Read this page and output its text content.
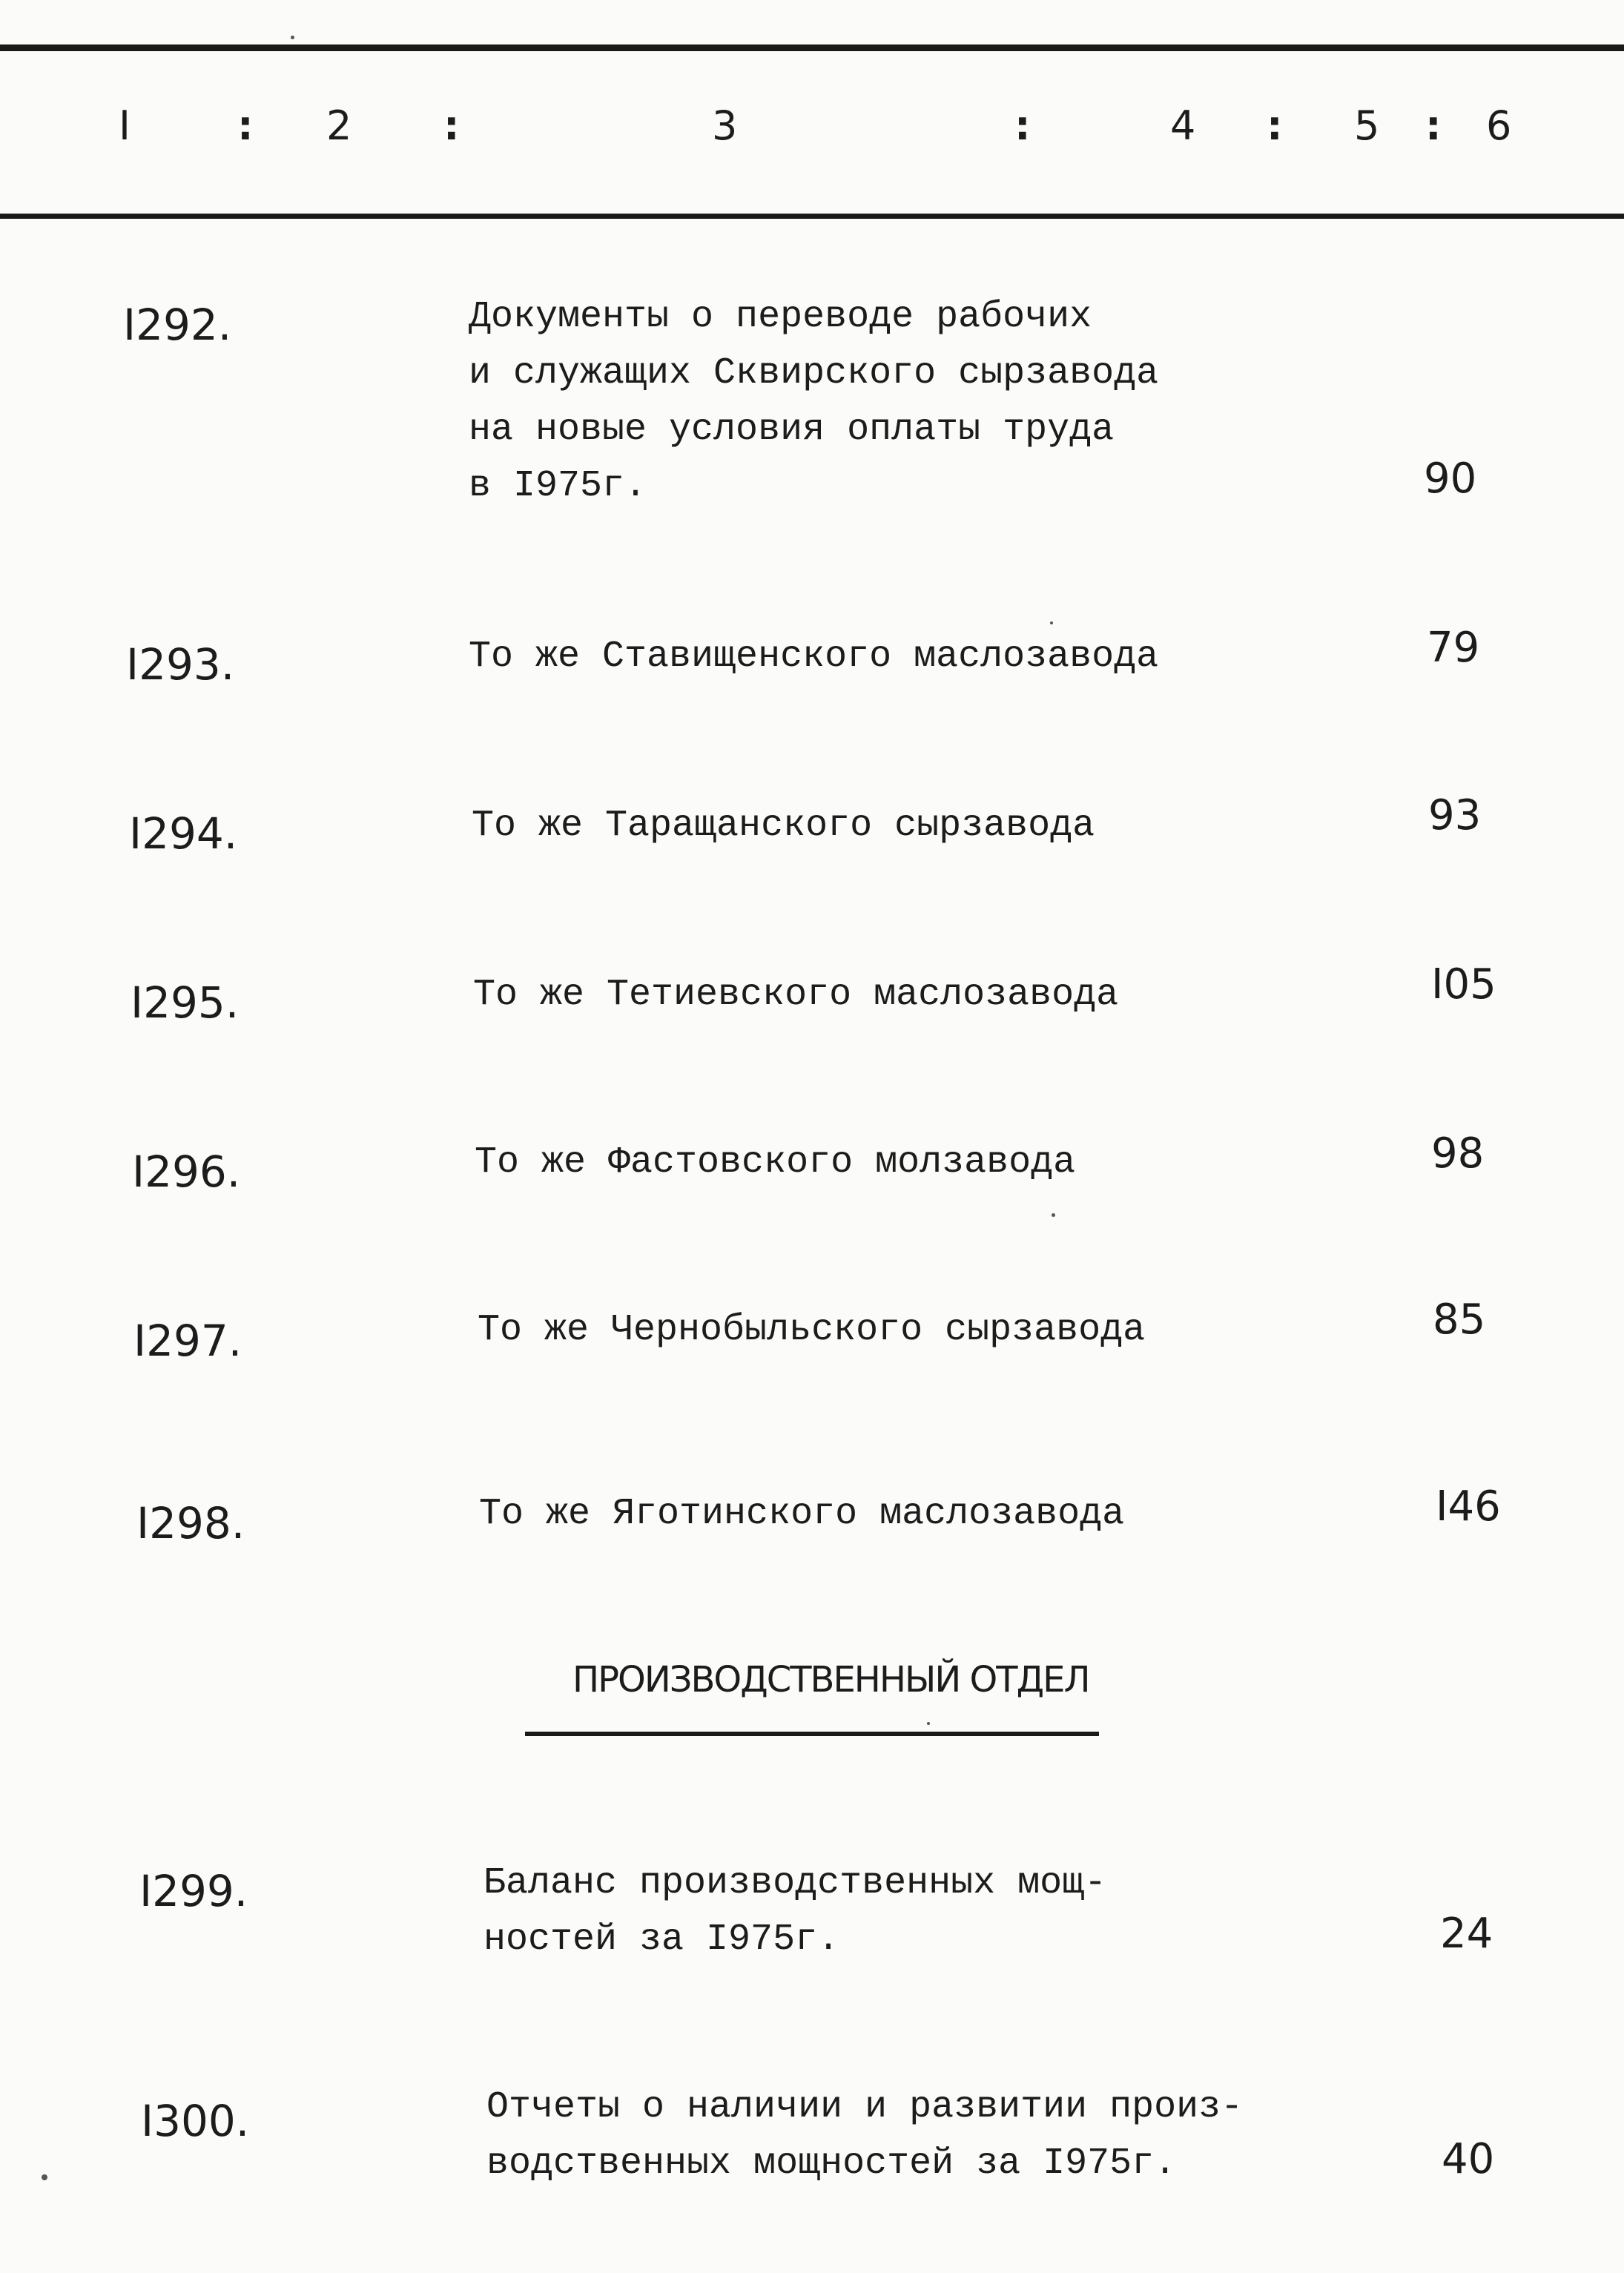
I	: 2 :	3	:	4 : 5 : 6
I292.	Документы о переводе рабочих
и служащих Сквирского сырзавода
на новые условия оплаты труда
в I975г.	90
I293.	То же Ставищенского маслозавода	79
I294.	То же Таращанского сырзавода	93
I295.	То же Тетиевского маслозавода	I05
I296.	То же Фастовского молзавода	98
I297.	То же Чернобыльского сырзавода	85
I298.	То же Яготинского маслозавода	I46
ПРОИЗВОДСТВЕННЫЙ ОТДЕЛ
I299.	Баланс производственных мощ-
ностей за I975г.	24
I300.	Отчеты о наличии и развитии произ-
водственных мощностей за I975г.	40
